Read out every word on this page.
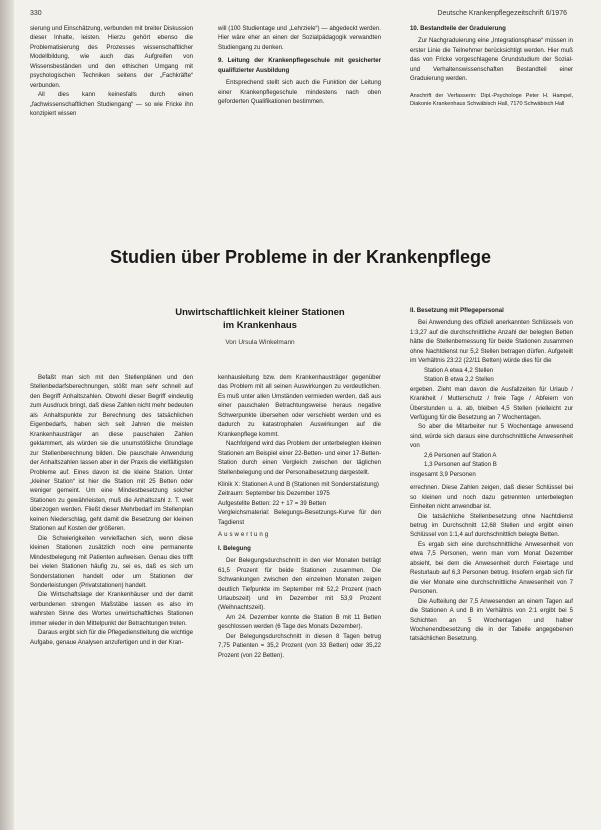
330	Deutsche Krankenpflegezeitschrift 6/1976

sierung und Einschätzung, verbunden mit breiter Diskussion dieser Inhalte, leisten. Hierzu gehört ebenso die Problematisierung des Prozesses wissenschaftlicher Modellbildung, wie auch das Aufgreifen von Wissensbeständen und den ethischen Umgang mit psychologischen Techniken seitens der „Fachkräfte“ verbunden.

All dies kann keinesfalls durch einen „fachwissenschaftlichen Studiengang“ — so wie Fricke ihn konzipiert wissen

will (100 Studientage und „Lehrziele“) — abgedeckt werden. Hier wäre eher an einen der Sozialpädagogik verwandten Studiengang zu denken.

9. Leitung der Krankenpflegeschule mit gesicherter qualifizierter Ausbildung

Entsprechend stellt sich auch die Funktion der Leitung einer Krankenpflegeschule mindestens nach oben geforderten Qualifikationen bestimmen.

10. Bestandteile der Graduierung

Zur Nachgraduierung eine „Integrationsphase“ müssen in erster Linie die Teilnehmer berücksichtigt werden. Hier muß das von Fricke vorgeschlagene Grundstudium der Sozial- und Verhaltenswissenschaften Bestandteil einer Graduierung werden.

Anschrift der Verfasserin: Dipl.-Psychologe Peter H. Hampel, Diakonie Krankenhaus Schwäbisch Hall, 7170 Schwäbisch Hall

Studien über Probleme in der Krankenpflege
Unwirtschaftlichkeit kleiner Stationen
im Krankenhaus
Von Ursula Winkelmann

Befaßt man sich mit den Stellenplänen und den Stellenbedarfsberechnungen, stößt man sehr schnell auf den Begriff Anhaltszahlen. Obwohl dieser Begriff eindeutig zum Ausdruck bringt, daß diese Zahlen nicht mehr bedeuten als Anhaltspunkte zur Berechnung des tatsächlichen Eigenbedarfs, haben sich seit Jahren die meisten Krankenhausträger an diese pauschalen Zahlen geklammert, als würden sie die unumstößliche Grundlage zur Stellenberechnung bilden. Die pauschale Anwendung der Anhaltszahlen lassen aber in der Praxis die vielfältigsten Probleme auf. Eines davon ist die kleine Station. Unter „kleiner Station“ ist hier die Station mit 25 Betten oder weniger gemeint. Um eine Mindestbesetzung solcher Stationen zu gewährleisten, muß die Anhaltszahl z. T. weit überzogen werden. Fließt dieser Mehrbedarf im Stellenplan keinen Niederschlag, geht damit die Besetzung der kleinen Stationen auf Kosten der größeren.

Die Schwierigkeiten vervielfachen sich, wenn diese kleinen Stationen zusätzlich noch eine permanente Mindestbelegung mit Patienten aufweisen. Genau dies trifft bei vielen Stationen häufig zu, sei es, daß es sich um Sonderstationen handelt oder um Stationen der Sonderleistungen (Privatstationen) handelt.

Die Wirtschaftslage der Krankenhäuser und der damit verbundenen strengen Maßstäbe lassen es also im wahrsten Sinne des Wortes unwirtschaftliches Stationen immer wieder in den Mittelpunkt der Betrachtungen treten.

Daraus ergibt sich für die Pflegedienstleitung die wichtige Aufgabe, genaue Analysen anzufertigen und in der Kran-

kenhausleitung bzw. dem Krankenhausträger gegenüber das Problem mit all seinen Auswirkungen zu verdeutlichen. Es muß unter allen Umständen vermieden werden, daß aus einer pauschalen Betrachtungsweise heraus negative Schwerpunkte übersehen oder verschiebt werden und es dadurch zu katastrophalen Auswirkungen auf die Krankenpflege kommt.

Nachfolgend wird das Problem der unterbelegten kleinen Stationen am Beispiel einer 22-Betten- und einer 17-Betten-Station durch einen Vergleich zwischen der täglichen Stellenbelegung und der Personalbesetzung dargestellt.

Klinik X: Stationen A und B (Stationen mit Sonderstatistung)

Zeitraum: September bis Dezember 1975

Aufgestellte Betten: 22 + 17 = 39 Betten

Vergleichsmaterial: Belegungs-Besetzungs-Kurve für den Tagdienst

Auswertung

I. Belegung

Der Belegungsdurchschnitt in den vier Monaten beträgt 61,5 Prozent für beide Stationen zusammen. Die Schwankungen zwischen den einzelnen Monaten zeigen deutlich Tiefpunkte im September mit 52,2 Prozent (nach Urlaubszeit) und im Dezember mit 53,9 Prozent (Weihnachtszeit).

Am 24. Dezember konnte die Station B mit 11 Betten geschlossen werden (6 Tage des Monats Dezember).

Der Belegungsdurchschnitt in diesen 8 Tagen betrug 7,75 Patienten = 35,2 Prozent (von 33 Betten) oder 35,22 Prozent (von 22 Betten).

II. Besetzung mit Pflegepersonal

Bei Anwendung des offiziell anerkannten Schlüssels von 1:3,27 auf die durchschnittliche Anzahl der belegten Betten hätte die Stellenbemessung für beide Stationen zusammen ohne Nachtdienst nur 5,2 Stellen betragen dürfen. Aufgeteilt im Verhältnis 23:22 (22/11 Betten) würde dies für die

Station A etwa 4,2 Stellen

Station B etwa 2,2 Stellen

ergeben. Zieht man davon die Ausfallzeiten für Urlaub / Krankheit / Mutterschutz / freie Tage / Abfeiern von Überstunden u. a. ab, bleiben 4,5 Stellen (vielleicht zur Verfügung für die Besetzung an 7 Wochentagen.

So aber die Mitarbeiter nur 5 Wochentage anwesend sind, würde sich daraus eine durchschnittliche Anwesenheit von

2,6 Personen auf Station A

1,3 Personen auf Station B

insgesamt 3,9 Personen

errechnen. Diese Zahlen zeigen, daß dieser Schlüssel bei so kleinen und noch dazu getrennten unterbelegten Einheiten nicht anwendbar ist.

Die tatsächliche Stellenbesetzung ohne Nachtdienst betrug im Durchschnitt 12,68 Stellen und ergibt einen Schlüssel von 1:1,4 auf durchschnittlich belegte Betten.

Es ergab sich eine durchschnittliche Anwesenheit von etwa 7,5 Personen, wenn man vom Monat Dezember absieht, bei dem die Anwesenheit durch Feiertage und Resturlaub auf 6,3 Personen betrug. Insofern ergab sich für die vier Monate eine durchschnittliche Anwesenheit von 7 Personen.

Die Aufteilung der 7,5 Anwesenden an einem Tagen auf die Stationen A und B im Verhältnis von 2:1 ergibt bei 5 Schichten an 5 Wochentagen und halber Wochenendbesetzung die in der Tabelle angegebenen tatsächlichen Besetzung.
